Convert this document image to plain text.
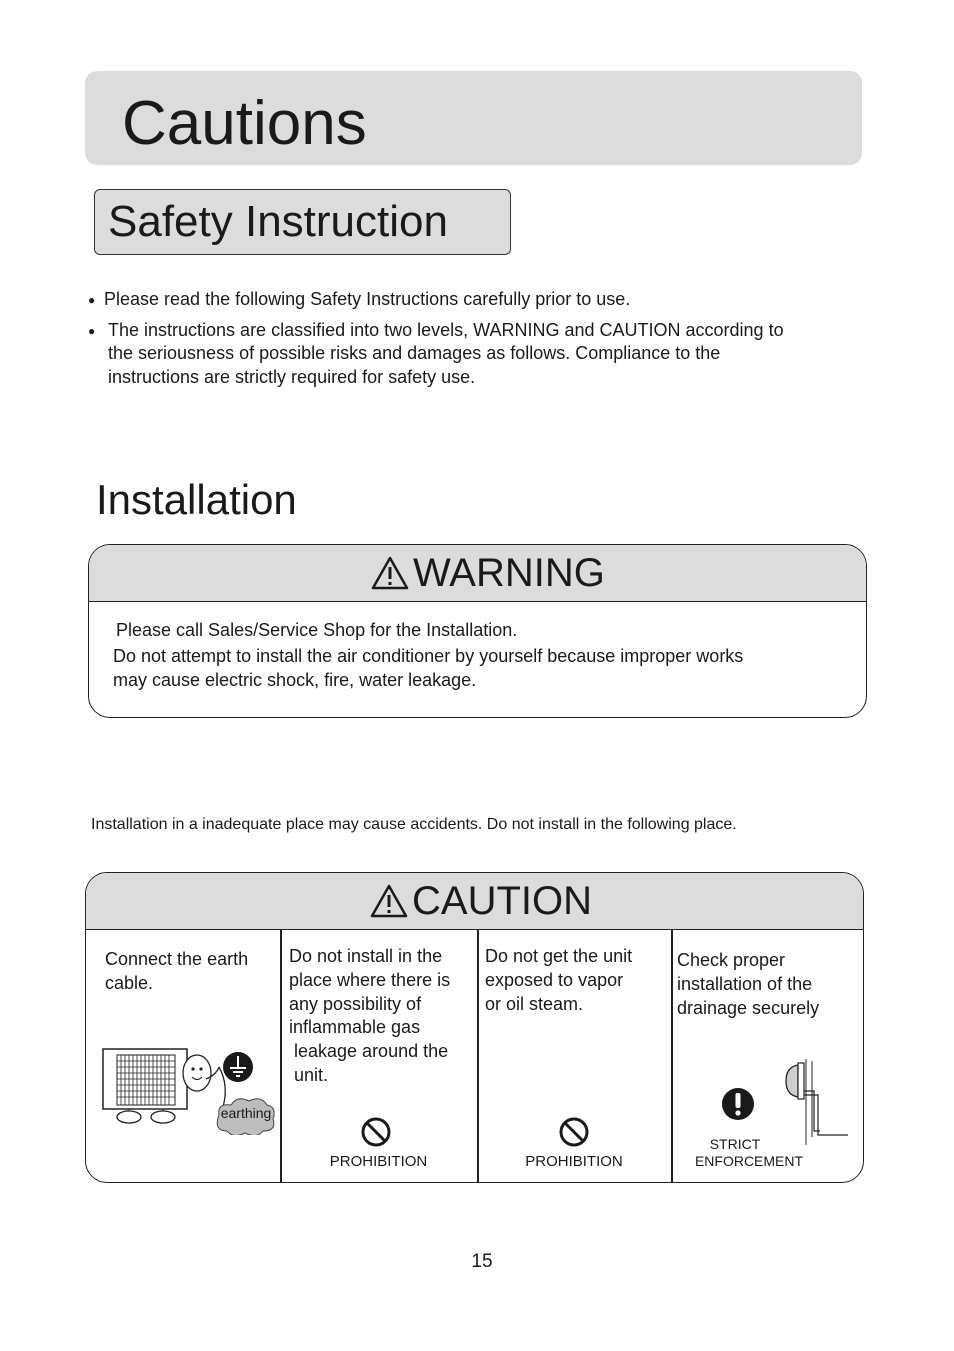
Cautions
Safety Instruction
● Please read the following Safety Instructions carefully prior to use.
● The instructions are classified into two levels, WARNING and CAUTION according to
the seriousness of possible risks and damages as follows. Compliance to the
instructions are strictly required for safety use.
Installation
WARNING
Please call Sales/Service Shop for the Installation.
Do not attempt to install the air conditioner by yourself because improper works
may cause electric shock, fire, water leakage.
Installation in a inadequate place may cause accidents. Do not install in the following place.
CAUTION
Connect the earth
cable.
earthing
Do not install in the
place where there is
any possibility of
inflammable gas
leakage around the
unit.
PROHIBITION
Do not get the unit
exposed to vapor
or oil steam.
PROHIBITION
Check proper
installation of the
drainage securely
STRICT
ENFORCEMENT
15
